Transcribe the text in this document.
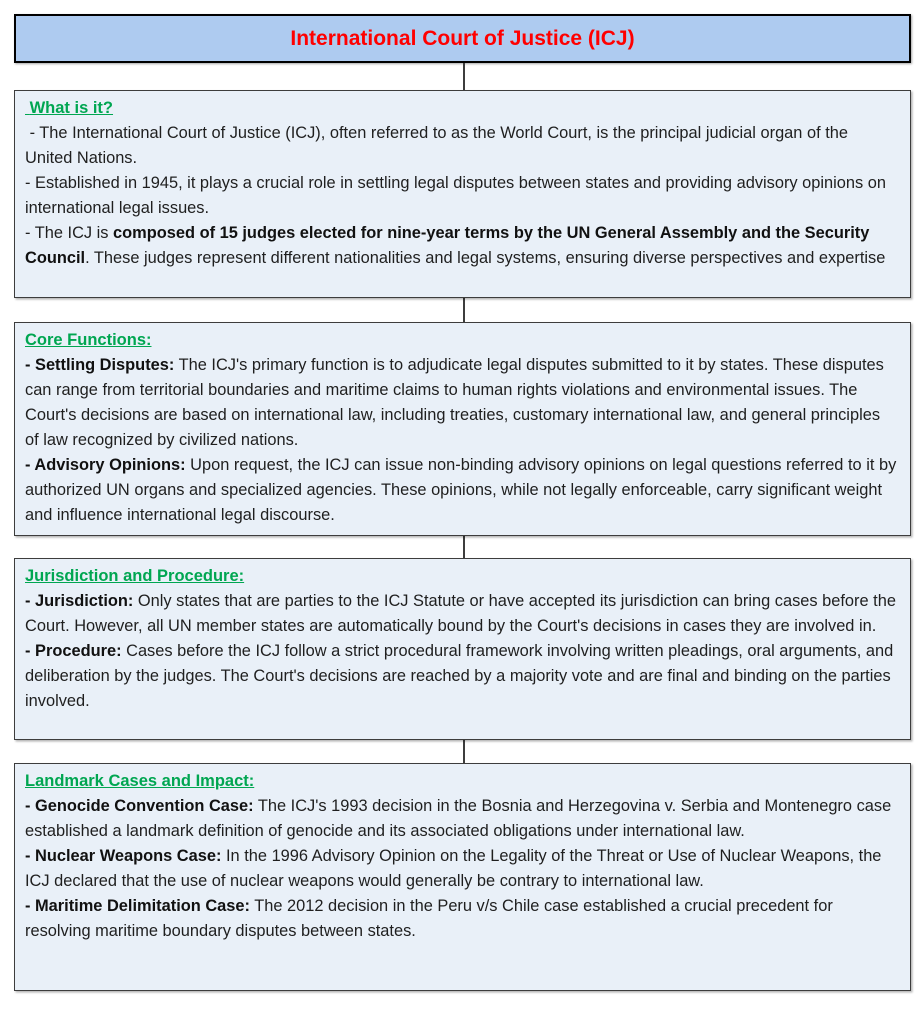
International Court of Justice (ICJ)
What is it?

- The International Court of Justice (ICJ), often referred to as the World Court, is the principal judicial organ of the United Nations.

- Established in 1945, it plays a crucial role in settling legal disputes between states and providing advisory opinions on international legal issues.

- The ICJ is composed of 15 judges elected for nine-year terms by the UN General Assembly and the Security Council. These judges represent different nationalities and legal systems, ensuring diverse perspectives and expertise

Core Functions:

- Settling Disputes: The ICJ's primary function is to adjudicate legal disputes submitted to it by states. These disputes can range from territorial boundaries and maritime claims to human rights violations and environmental issues. The Court's decisions are based on international law, including treaties, customary international law, and general principles of law recognized by civilized nations.

- Advisory Opinions: Upon request, the ICJ can issue non-binding advisory opinions on legal questions referred to it by authorized UN organs and specialized agencies. These opinions, while not legally enforceable, carry significant weight and influence international legal discourse.

Jurisdiction and Procedure:

- Jurisdiction: Only states that are parties to the ICJ Statute or have accepted its jurisdiction can bring cases before the Court. However, all UN member states are automatically bound by the Court's decisions in cases they are involved in.

- Procedure: Cases before the ICJ follow a strict procedural framework involving written pleadings, oral arguments, and deliberation by the judges. The Court's decisions are reached by a majority vote and are final and binding on the parties involved.

Landmark Cases and Impact:

- Genocide Convention Case: The ICJ's 1993 decision in the Bosnia and Herzegovina v. Serbia and Montenegro case established a landmark definition of genocide and its associated obligations under international law.

- Nuclear Weapons Case: In the 1996 Advisory Opinion on the Legality of the Threat or Use of Nuclear Weapons, the ICJ declared that the use of nuclear weapons would generally be contrary to international law.

- Maritime Delimitation Case: The 2012 decision in the Peru v/s Chile case established a crucial precedent for resolving maritime boundary disputes between states.
